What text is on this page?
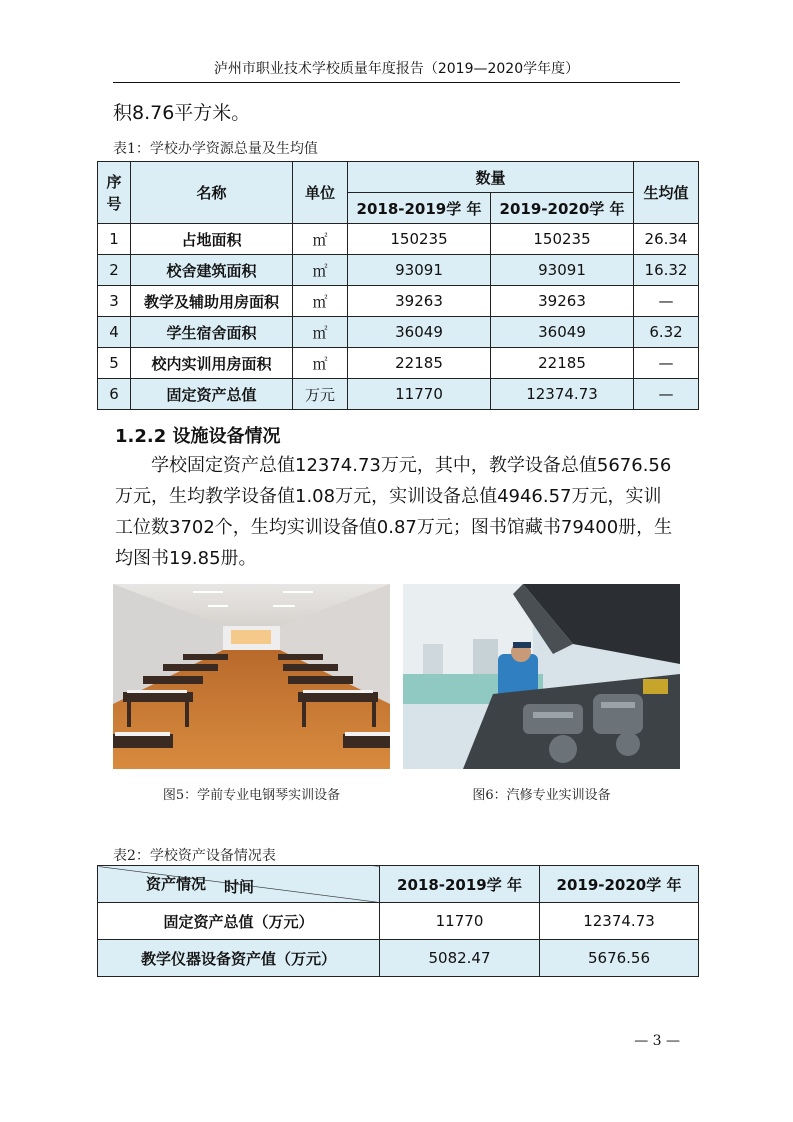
泸州市职业技术学校质量年度报告（2019—2020学年度）
积8.76平方米。
表1：学校办学资源总量及生均值
序号	名称	单位	数量		生均值
			2018-2019学 年	2019-2020学 年	
1	占地面积	㎡	150235	150235	26.34
2	校舍建筑面积	㎡	93091	93091	16.32
3	教学及辅助用房面积	㎡	39263	39263	—
4	学生宿舍面积	㎡	36049	36049	6.32
5	校内实训用房面积	㎡	22185	22185	—
6	固定资产总值	万元	11770	12374.73	—
1.2.2 设施设备情况
学校固定资产总值12374.73万元，其中，教学设备总值5676.56
万元，生均教学设备值1.08万元，实训设备总值4946.57万元，实训
工位数3702个，生均实训设备值0.87万元；图书馆藏书79400册，生
均图书19.85册。
图5：学前专业电钢琴实训设备	图6：汽修专业实训设备
表2：学校资产设备情况表
时间
资产情况	2018-2019学 年	2019-2020学 年
固定资产总值（万元）	11770	12374.73
教学仪器设备资产值（万元）	5082.47	5676.56
— 3 —
